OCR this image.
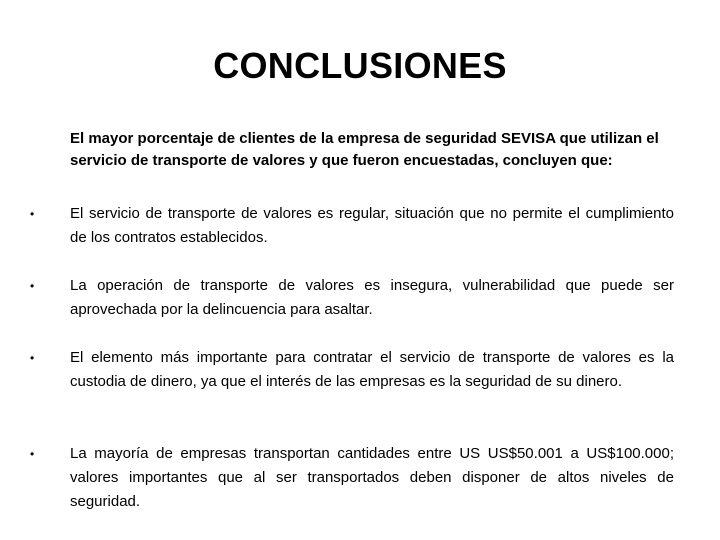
CONCLUSIONES
El mayor porcentaje de clientes de la empresa de seguridad SEVISA que utilizan el servicio de transporte de valores y que fueron encuestadas, concluyen que:
•	El servicio de transporte de valores es regular, situación que no permite el cumplimiento de los contratos establecidos.
•	La operación de transporte de valores es insegura, vulnerabilidad que puede ser aprovechada por la delincuencia para asaltar.
•	El elemento más importante para contratar el servicio de transporte de valores es la custodia de dinero, ya que el interés de las empresas es la seguridad de su dinero.
•	La mayoría de empresas transportan cantidades entre US US$50.001 a US$100.000; valores importantes que al ser transportados deben disponer de altos niveles de seguridad.
